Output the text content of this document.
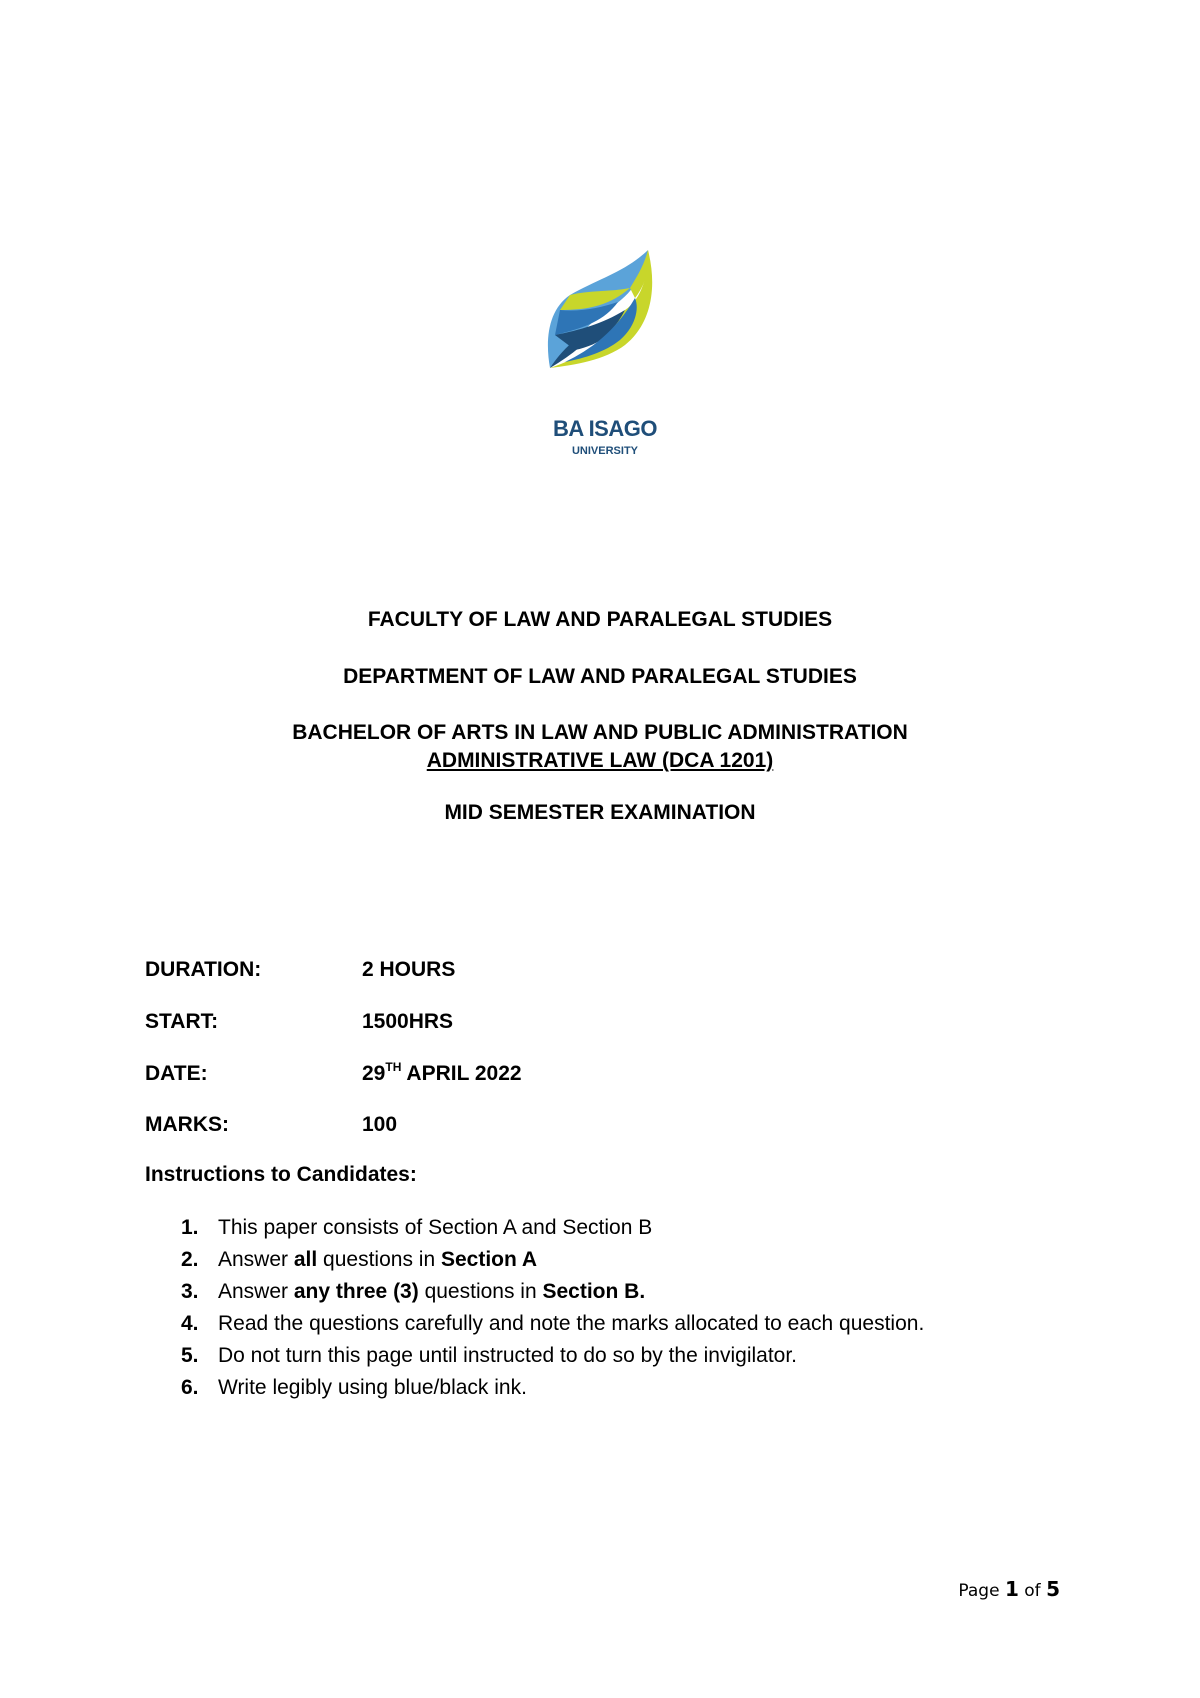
BA ISAGO
UNIVERSITY
FACULTY OF LAW AND PARALEGAL STUDIES
DEPARTMENT OF LAW AND PARALEGAL STUDIES
BACHELOR OF ARTS IN LAW AND PUBLIC ADMINISTRATION
ADMINISTRATIVE LAW (DCA 1201)
MID SEMESTER EXAMINATION
DURATION:	2 HOURS
START:	1500HRS
DATE:	29TH APRIL 2022
MARKS:	100
Instructions to Candidates:
1. This paper consists of Section A and Section B
2. Answer all questions in Section A
3. Answer any three (3) questions in Section B.
4. Read the questions carefully and note the marks allocated to each question.
5. Do not turn this page until instructed to do so by the invigilator.
6. Write legibly using blue/black ink.
Page 1 of 5
